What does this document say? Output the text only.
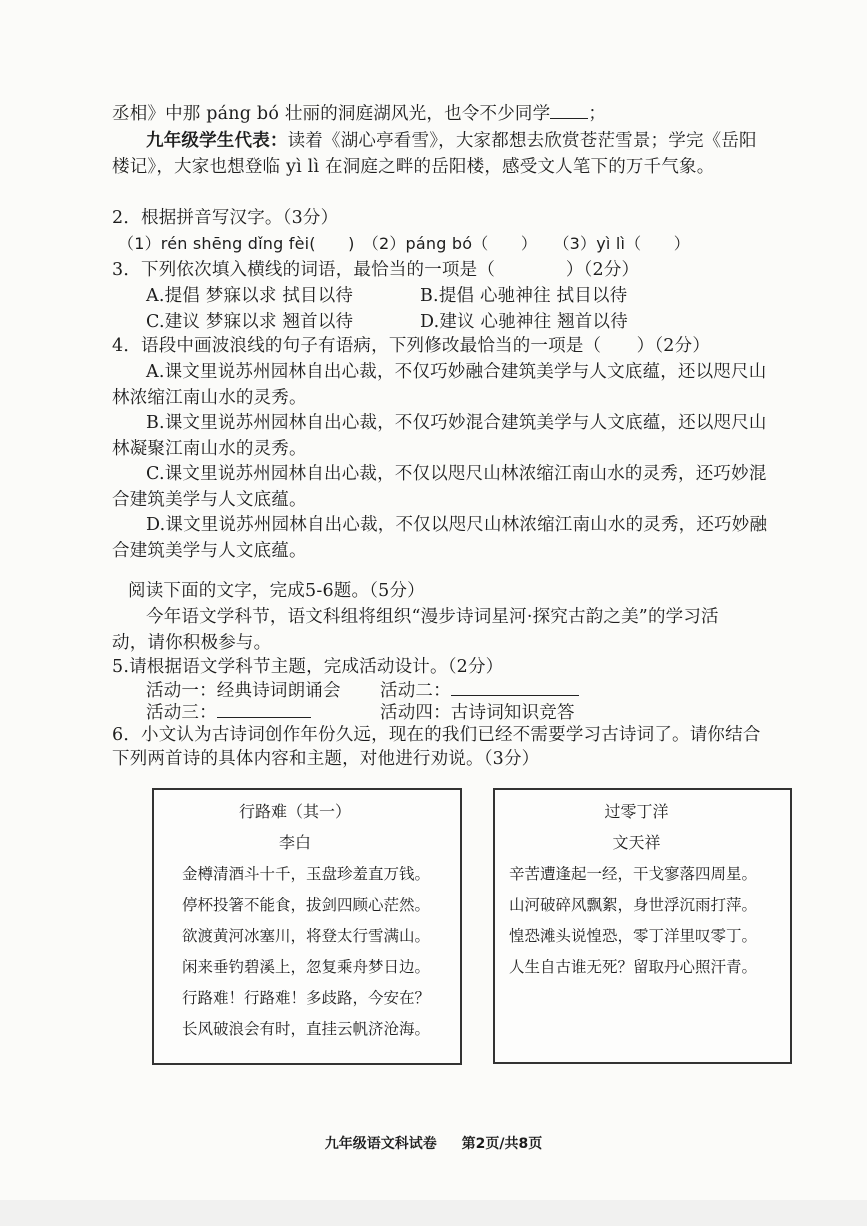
丞相》中那 páng bó 壮丽的洞庭湖风光，也令不少同学 ；
九年级学生代表：读着《湖心亭看雪》，大家都想去欣赏苍茫雪景；学完《岳阳
楼记》，大家也想登临 yì lì 在洞庭之畔的岳阳楼，感受文人笔下的万千气象。
2．根据拼音写汉字。（3分）
（1）rén shēng dǐng fèi(　　)　（2）páng bó（　　）　　（3）yì lì（　　）
3．下列依次填入横线的词语，最恰当的一项是（　　　　）（2分）
A.提倡 梦寐以求 拭目以待	B.提倡 心驰神往 拭目以待
C.建议 梦寐以求 翘首以待	D.建议 心驰神往 翘首以待
4．语段中画波浪线的句子有语病，下列修改最恰当的一项是（　　）（2分）
A.课文里说苏州园林自出心裁，不仅巧妙融合建筑美学与人文底蕴，还以咫尺山
林浓缩江南山水的灵秀。
B.课文里说苏州园林自出心裁，不仅巧妙混合建筑美学与人文底蕴，还以咫尺山
林凝聚江南山水的灵秀。
C.课文里说苏州园林自出心裁，不仅以咫尺山林浓缩江南山水的灵秀，还巧妙混
合建筑美学与人文底蕴。
D.课文里说苏州园林自出心裁，不仅以咫尺山林浓缩江南山水的灵秀，还巧妙融
合建筑美学与人文底蕴。
阅读下面的文字，完成5-6题。（5分）
今年语文学科节，语文科组将组织“漫步诗词星河·探究古韵之美”的学习活
动，请你积极参与。
5.请根据语文学科节主题，完成活动设计。（2分）
活动一：经典诗词朗诵会 活动二：
活动三：	活动四：古诗词知识竞答
6．小文认为古诗词创作年份久远，现在的我们已经不需要学习古诗词了。请你结合
下列两首诗的具体内容和主题，对他进行劝说。（3分）
行路难（其一）
李白
金樽清酒斗十千，玉盘珍羞直万钱。
停杯投箸不能食，拔剑四顾心茫然。
欲渡黄河冰塞川，将登太行雪满山。
闲来垂钓碧溪上，忽复乘舟梦日边。
行路难！行路难！多歧路，今安在？
长风破浪会有时，直挂云帆济沧海。
过零丁洋
文天祥
辛苦遭逢起一经，干戈寥落四周星。
山河破碎风飘絮，身世浮沉雨打萍。
惶恐滩头说惶恐，零丁洋里叹零丁。
人生自古谁无死？留取丹心照汗青。
九年级语文科试卷 第2页/共8页
